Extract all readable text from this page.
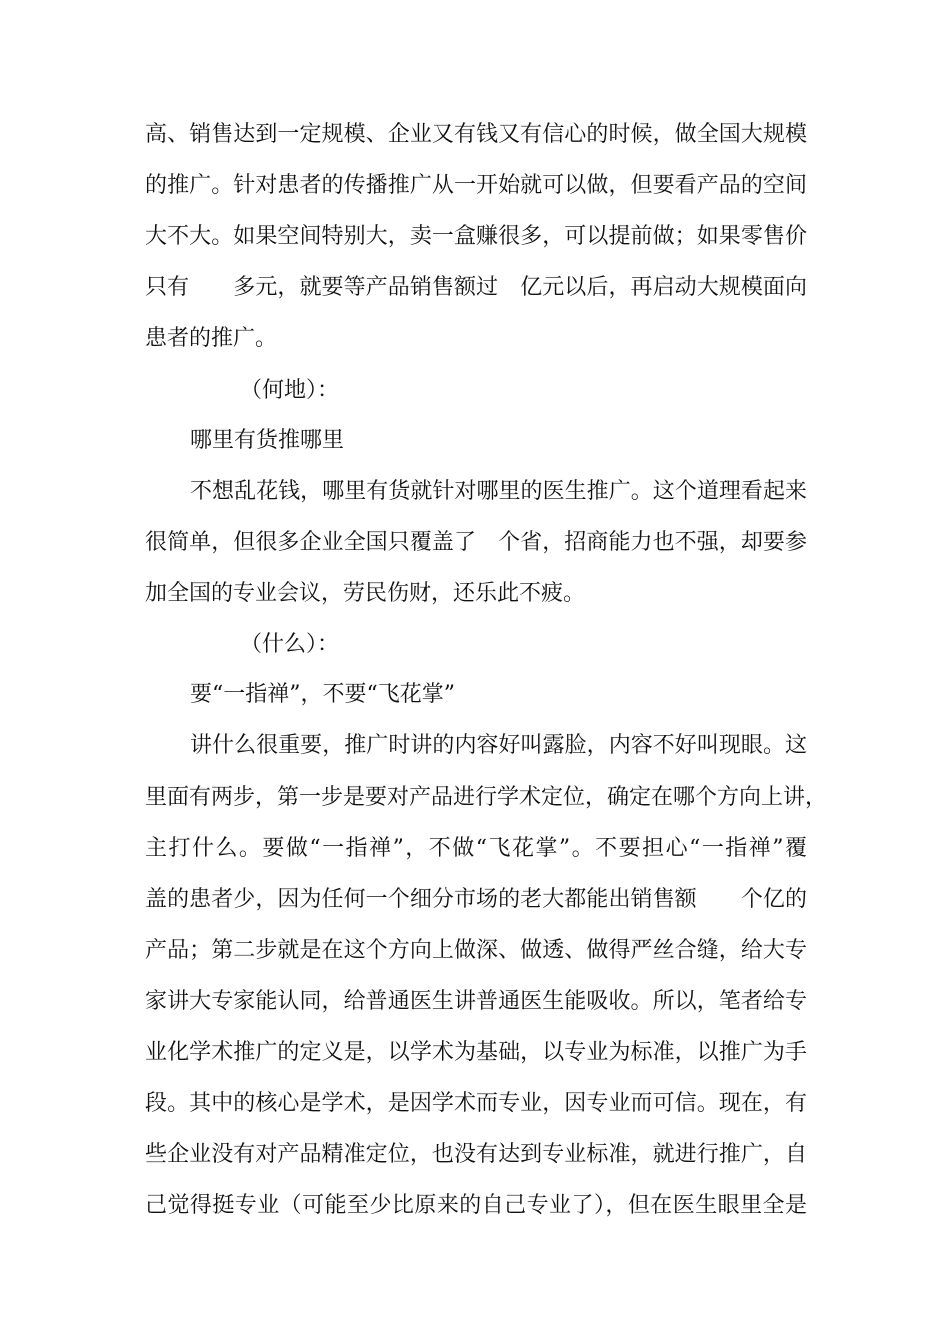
高、销售达到一定规模、企业又有钱又有信心的时候，做全国大规模
的推广。针对患者的传播推广从一开始就可以做，但要看产品的空间
大不大。如果空间特别大，卖一盒赚很多，可以提前做；如果零售价
只有　　多元，就要等产品销售额过　亿元以后，再启动大规模面向
患者的推广。
（何地）：
哪里有货推哪里
不想乱花钱，哪里有货就针对哪里的医生推广。这个道理看起来
很简单，但很多企业全国只覆盖了　个省，招商能力也不强，却要参
加全国的专业会议，劳民伤财，还乐此不疲。
（什么）：
要“一指禅”，不要“飞花掌”
讲什么很重要，推广时讲的内容好叫露脸，内容不好叫现眼。这
里面有两步，第一步是要对产品进行学术定位，确定在哪个方向上讲，
主打什么。要做“一指禅”，不做“飞花掌”。不要担心“一指禅”覆
盖的患者少，因为任何一个细分市场的老大都能出销售额　　个亿的
产品；第二步就是在这个方向上做深、做透、做得严丝合缝，给大专
家讲大专家能认同，给普通医生讲普通医生能吸收。所以，笔者给专
业化学术推广的定义是，以学术为基础，以专业为标准，以推广为手
段。其中的核心是学术，是因学术而专业，因专业而可信。现在，有
些企业没有对产品精准定位，也没有达到专业标准，就进行推广，自
己觉得挺专业（可能至少比原来的自己专业了），但在医生眼里全是
